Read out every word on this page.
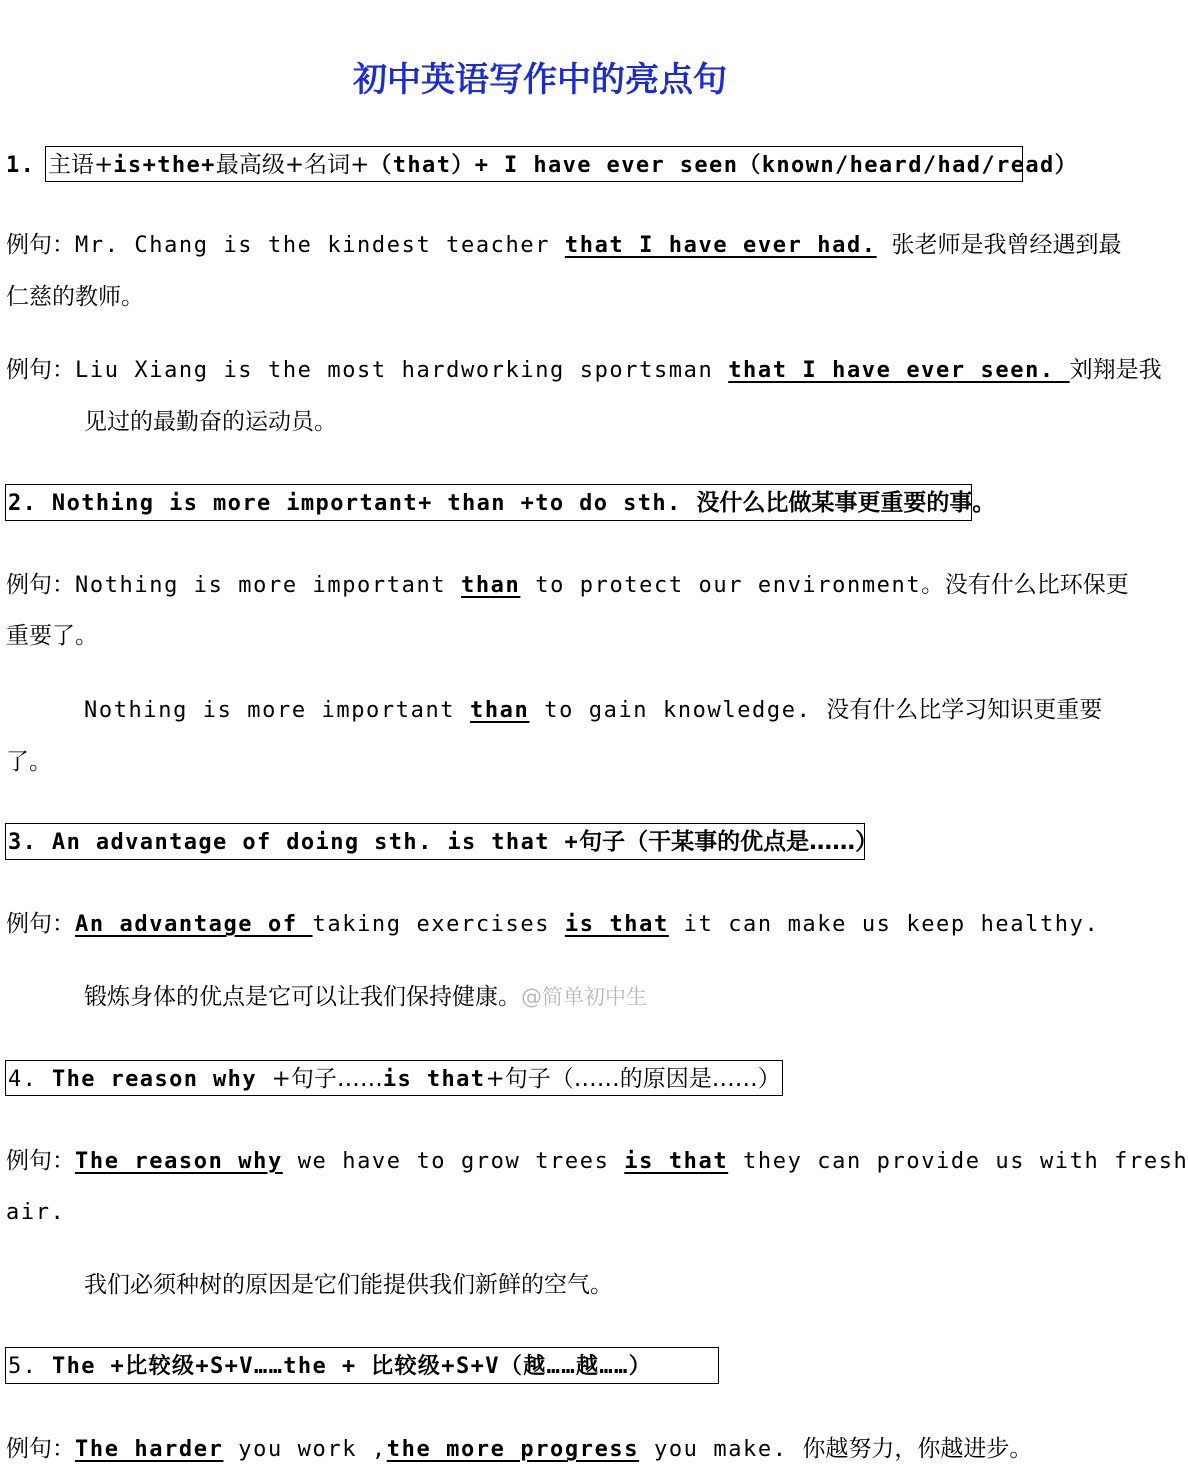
初中英语写作中的亮点句
1. 主语+is+the+最高级+名词+（that）+ I have ever seen（known/heard/had/read）
例句：Mr. Chang is the kindest teacher that I have ever had. 张老师是我曾经遇到最
仁慈的教师。
例句：Liu Xiang is the most hardworking sportsman that I have ever seen. 刘翔是我
见过的最勤奋的运动员。
2. Nothing is more important+ than +to do sth. 没什么比做某事更重要的事。
例句：Nothing is more important than to protect our environment。没有什么比环保更
重要了。
Nothing is more important than to gain knowledge. 没有什么比学习知识更重要
了。
3. An advantage of doing sth. is that +句子（干某事的优点是……）
例句：An advantage of taking exercises is that it can make us keep healthy.
锻炼身体的优点是它可以让我们保持健康。@简单初中生
4. The reason why +句子……is that+句子（……的原因是……）
例句：The reason why we have to grow trees is that they can provide us with fresh
air.
我们必须种树的原因是它们能提供我们新鲜的空气。
5. The +比较级+S+V……the + 比较级+S+V（越……越……）
例句：The harder you work ,the more progress you make. 你越努力，你越进步。
